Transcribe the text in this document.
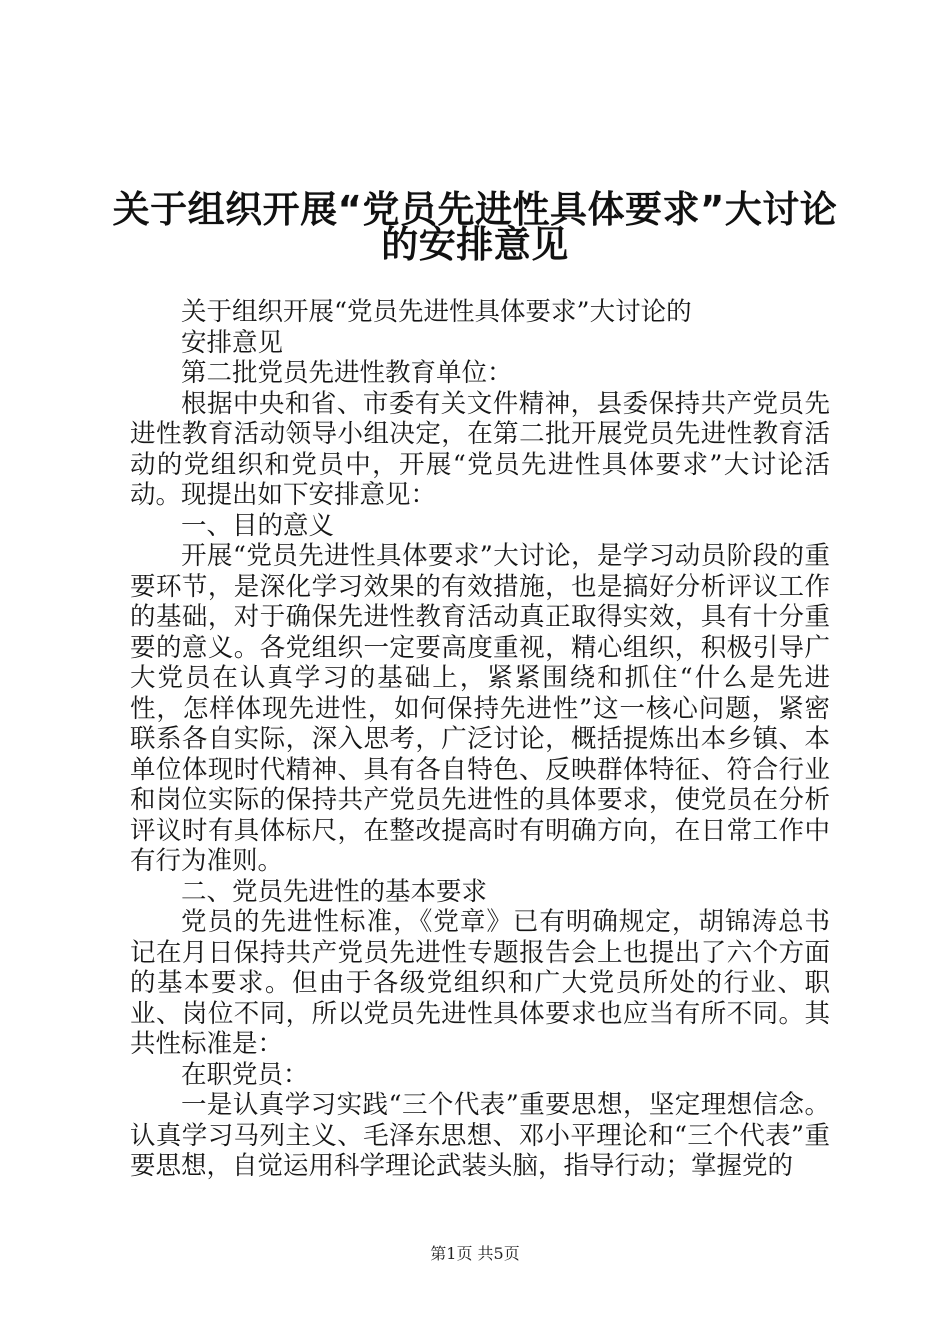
关于组织开展“党员先进性具体要求”大讨论
的安排意见

关于组织开展“党员先进性具体要求”大讨论的

安排意见

第二批党员先进性教育单位：

根据中央和省、市委有关文件精神，县委保持共产党员先进性教育活动领导小组决定，在第二批开展党员先进性教育活动的党组织和党员中，开展“党员先进性具体要求”大讨论活动。现提出如下安排意见：

一、目的意义

开展“党员先进性具体要求”大讨论，是学习动员阶段的重要环节，是深化学习效果的有效措施，也是搞好分析评议工作的基础，对于确保先进性教育活动真正取得实效，具有十分重要的意义。各党组织一定要高度重视，精心组织，积极引导广大党员在认真学习的基础上，紧紧围绕和抓住“什么是先进性，怎样体现先进性，如何保持先进性”这一核心问题，紧密联系各自实际，深入思考，广泛讨论，概括提炼出本乡镇、本单位体现时代精神、具有各自特色、反映群体特征、符合行业和岗位实际的保持共产党员先进性的具体要求，使党员在分析评议时有具体标尺，在整改提高时有明确方向，在日常工作中有行为准则。

二、党员先进性的基本要求

党员的先进性标准，《党章》已有明确规定，胡锦涛总书记在月日保持共产党员先进性专题报告会上也提出了六个方面的基本要求。但由于各级党组织和广大党员所处的行业、职业、岗位不同，所以党员先进性具体要求也应当有所不同。其共性标准是：

在职党员：

一是认真学习实践“三个代表”重要思想，坚定理想信念。认真学习马列主义、毛泽东思想、邓小平理论和“三个代表”重要思想，自觉运用科学理论武装头脑，指导行动；掌握党的

第1页 共5页
